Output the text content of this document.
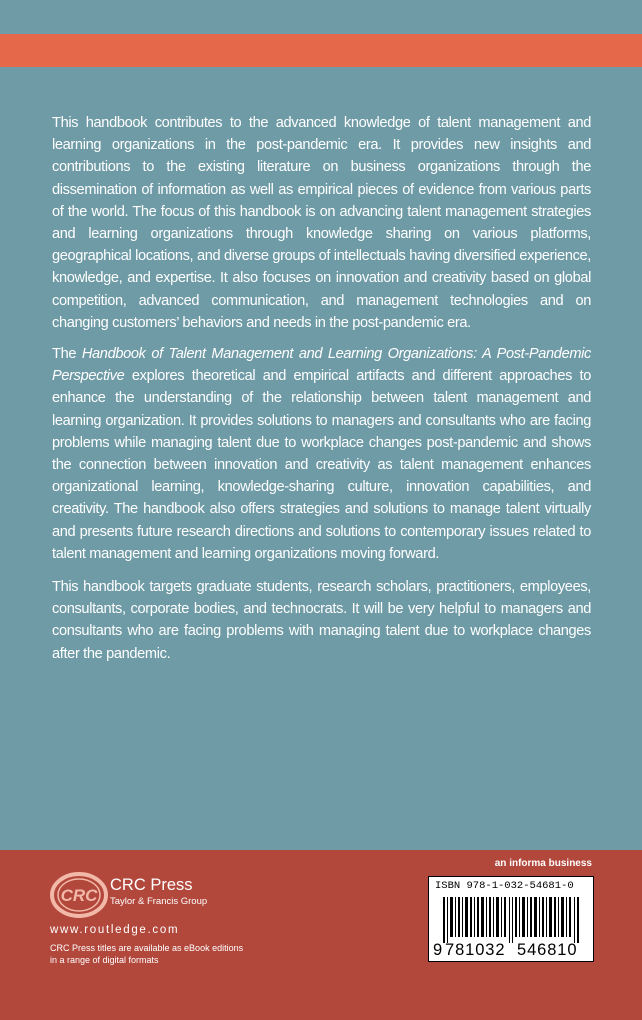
This handbook contributes to the advanced knowledge of talent management and learning organizations in the post-pandemic era. It provides new insights and contributions to the existing literature on business organizations through the dissemination of information as well as empirical pieces of evidence from various parts of the world. The focus of this handbook is on advancing talent management strategies and learning organizations through knowledge sharing on various platforms, geographical locations, and diverse groups of intellectuals having diversified experience, knowledge, and expertise. It also focuses on innovation and creativity based on global competition, advanced communication, and management technologies and on changing customers’ behaviors and needs in the post-pandemic era.

The Handbook of Talent Management and Learning Organizations: A Post-Pandemic Perspective explores theoretical and empirical artifacts and different approaches to enhance the understanding of the relationship between talent management and learning organization. It provides solutions to managers and consultants who are facing problems while managing talent due to workplace changes post-pandemic and shows the connection between innovation and creativity as talent management enhances organizational learning, knowledge-sharing culture, innovation capabilities, and creativity. The handbook also offers strategies and solutions to manage talent virtually and presents future research directions and solutions to contemporary issues related to talent management and learning organizations moving forward.

This handbook targets graduate students, research scholars, practitioners, employees, consultants, corporate bodies, and technocrats. It will be very helpful to managers and consultants who are facing problems with managing talent due to workplace changes after the pandemic.

an informa business
CRC
CRC Press
Taylor & Francis Group
www.routledge.com
CRC Press titles are available as eBook editions in a range of digital formats
ISBN 978-1-032-54681-0
9 781032 546810
